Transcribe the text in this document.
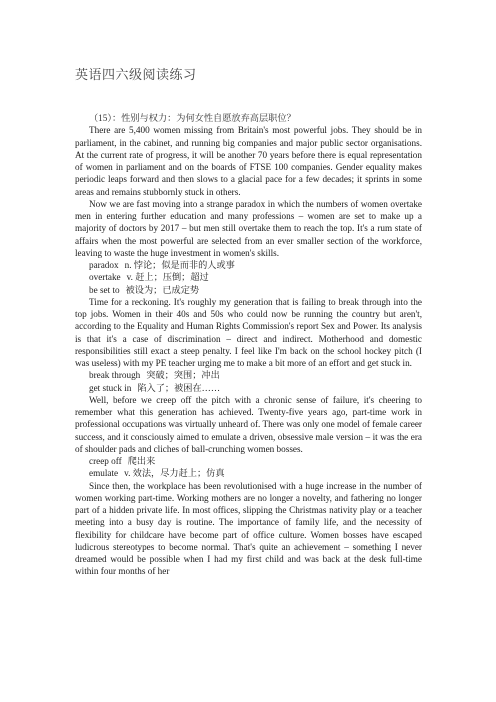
英语四六级阅读练习
（15）：性别与权力：为何女性自愿放弃高层职位？

There are 5,400 women missing from Britain's most powerful jobs. They should be in parliament, in the cabinet, and running big companies and major public sector organisations. At the current rate of progress, it will be another 70 years before there is equal representation of women in parliament and on the boards of FTSE 100 companies. Gender equality makes periodic leaps forward and then slows to a glacial pace for a few decades; it sprints in some areas and remains stubbornly stuck in others.

Now we are fast moving into a strange paradox in which the numbers of women overtake men in entering further education and many professions – women are set to make up a majority of doctors by 2017 – but men still overtake them to reach the top. It's a rum state of affairs when the most powerful are selected from an ever smaller section of the workforce, leaving to waste the huge investment in women's skills.

paradox n. 悖论；似是而非的人或事
overtake v. 赶上；压倒；超过
be set to 被设为；已成定势

Time for a reckoning. It's roughly my generation that is failing to break through into the top jobs. Women in their 40s and 50s who could now be running the country but aren't, according to the Equality and Human Rights Commission's report Sex and Power. Its analysis is that it's a case of discrimination – direct and indirect. Motherhood and domestic responsibilities still exact a steep penalty. I feel like I'm back on the school hockey pitch (I was useless) with my PE teacher urging me to make a bit more of an effort and get stuck in.

break through 突破；突围；冲出
get stuck in 陷入了；被困在……

Well, before we creep off the pitch with a chronic sense of failure, it's cheering to remember what this generation has achieved. Twenty-five years ago, part-time work in professional occupations was virtually unheard of. There was only one model of female career success, and it consciously aimed to emulate a driven, obsessive male version – it was the era of shoulder pads and cliches of ball-crunching women bosses.

creep off 爬出来
emulate v. 效法，尽力赶上；仿真

Since then, the workplace has been revolutionised with a huge increase in the number of women working part-time. Working mothers are no longer a novelty, and fathering no longer part of a hidden private life. In most offices, slipping the Christmas nativity play or a teacher meeting into a busy day is routine. The importance of family life, and the necessity of flexibility for childcare have become part of office culture. Women bosses have escaped ludicrous stereotypes to become normal. That's quite an achievement – something I never dreamed would be possible when I had my first child and was back at the desk full-time within four months of her
